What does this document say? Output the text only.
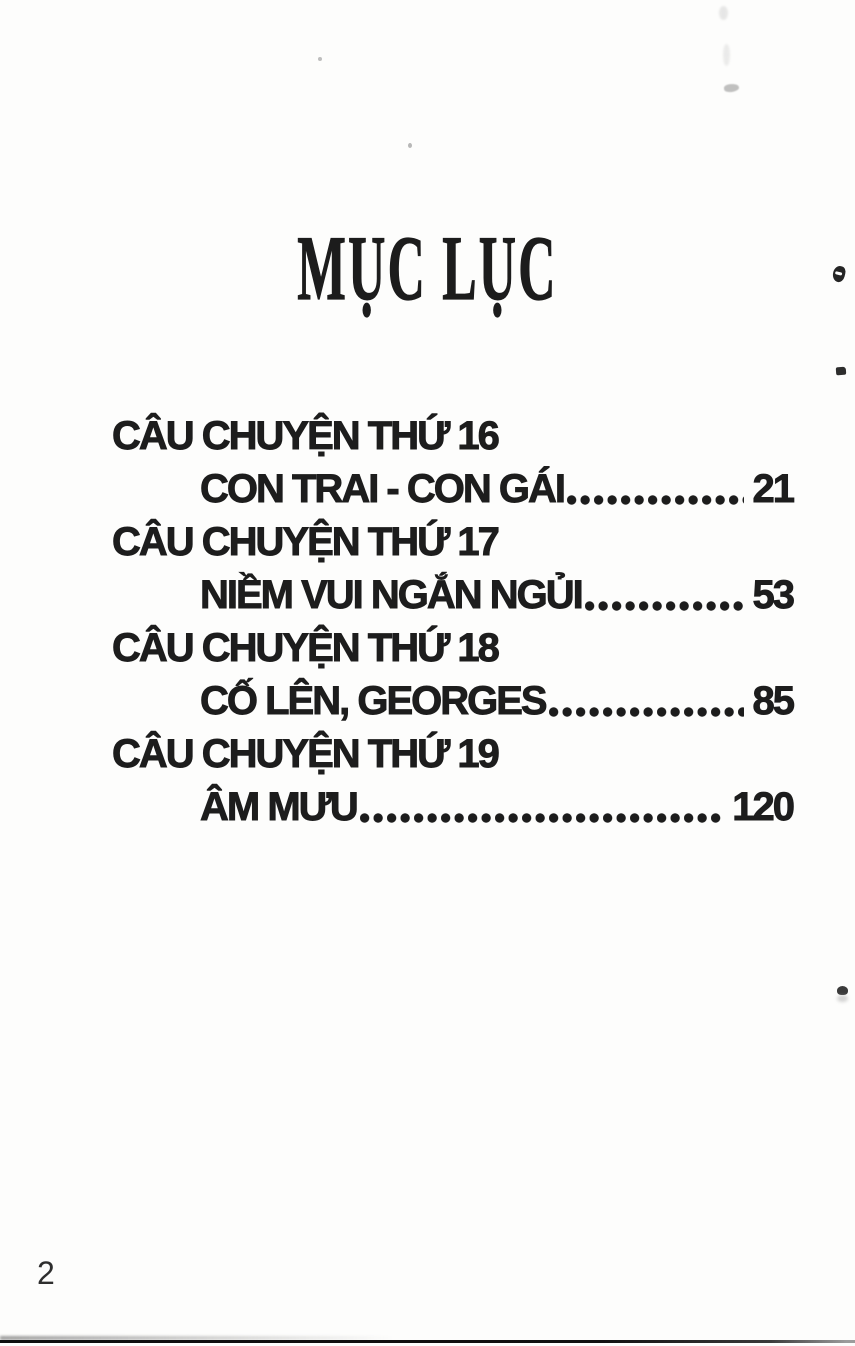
MỤC LỤC
CÂU CHUYỆN THỨ 16
CON TRAI - CON GÁI	21
CÂU CHUYỆN THỨ 17
NIỀM VUI NGẮN NGỦI	53
CÂU CHUYỆN THỨ 18
CỐ LÊN, GEORGES	85
CÂU CHUYỆN THỨ 19
ÂM MƯU	120
2
